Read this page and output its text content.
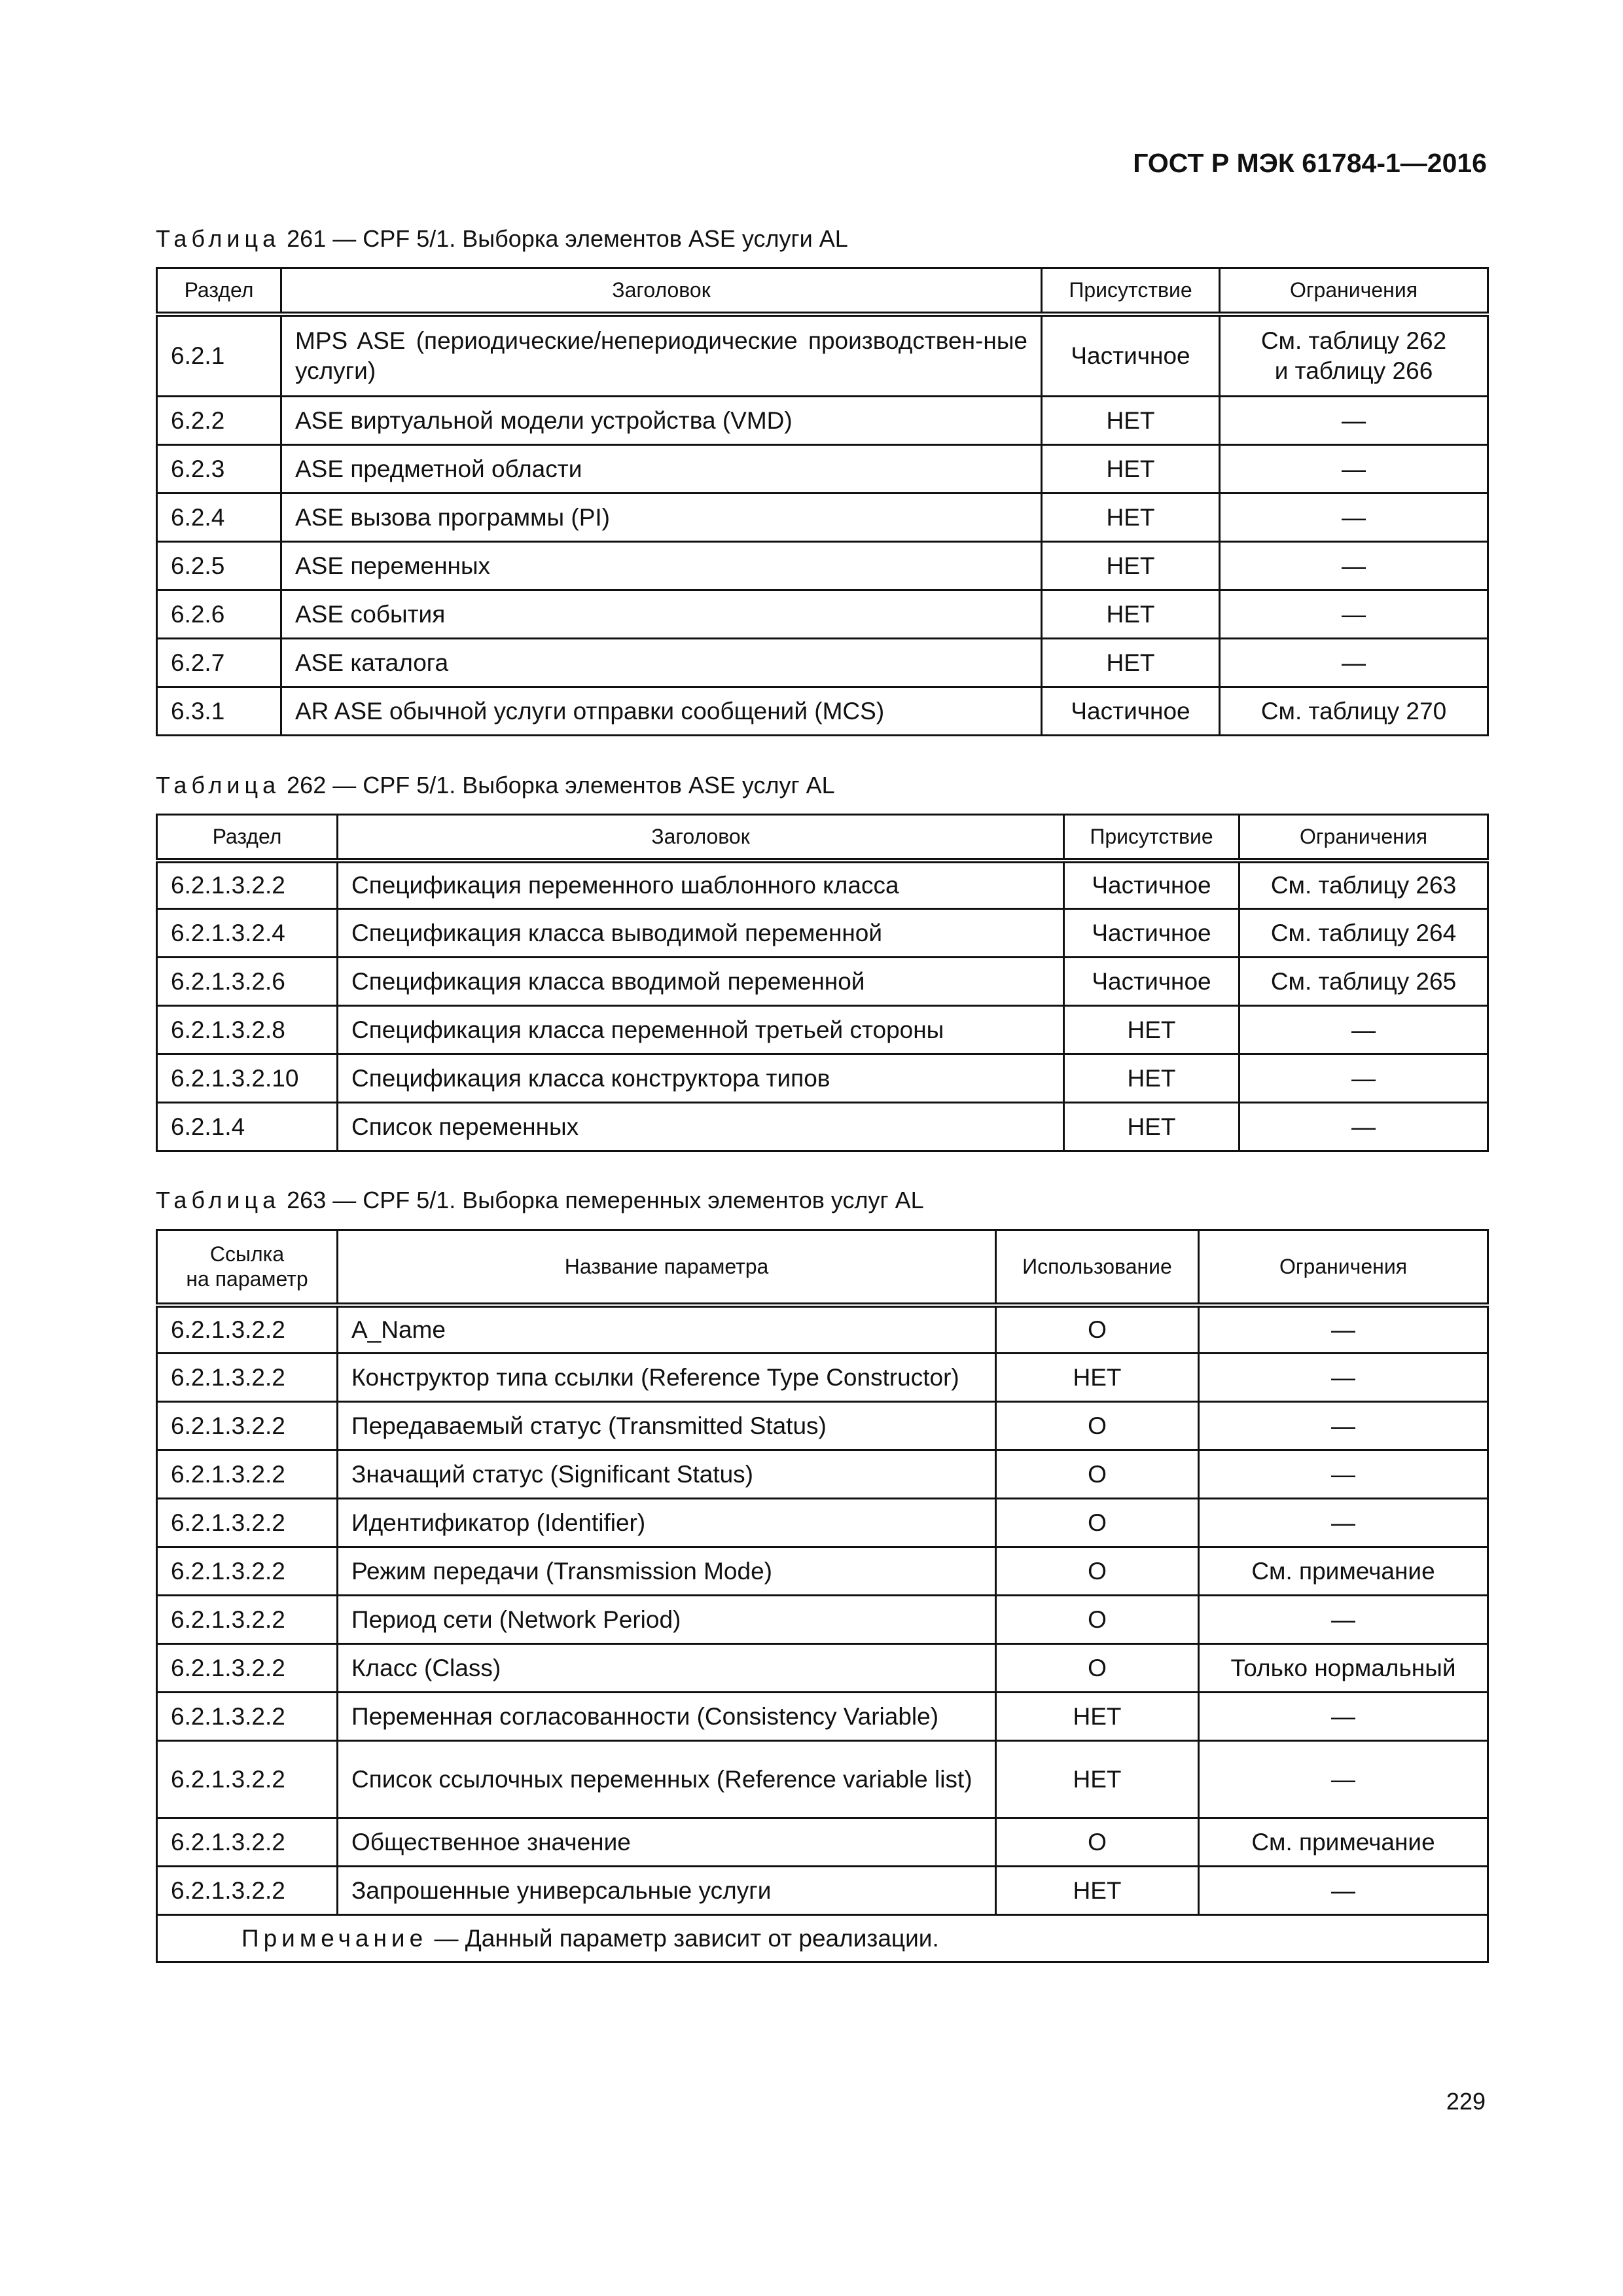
ГОСТ Р МЭК 61784-1—2016
Таблица 261 — CPF 5/1. Выборка элементов ASE услуги AL
Раздел	Заголовок	Присутствие	Ограничения
6.2.1	MPS ASE (периодические/непериодические производствен-ные услуги)	Частичное	См. таблицу 262
и таблицу 266
6.2.2	ASE виртуальной модели устройства (VMD)	НЕТ	—
6.2.3	ASE предметной области	НЕТ	—
6.2.4	ASE вызова программы (PI)	НЕТ	—
6.2.5	ASE переменных	НЕТ	—
6.2.6	ASE события	НЕТ	—
6.2.7	ASE каталога	НЕТ	—
6.3.1	AR ASE обычной услуги отправки сообщений (MCS)	Частичное	См. таблицу 270
Таблица 262 — CPF 5/1. Выборка элементов ASE услуг AL
Раздел	Заголовок	Присутствие	Ограничения
6.2.1.3.2.2	Спецификация переменного шаблонного класса	Частичное	См. таблицу 263
6.2.1.3.2.4	Спецификация класса выводимой переменной	Частичное	См. таблицу 264
6.2.1.3.2.6	Спецификация класса вводимой переменной	Частичное	См. таблицу 265
6.2.1.3.2.8	Спецификация класса переменной третьей стороны	НЕТ	—
6.2.1.3.2.10	Спецификация класса конструктора типов	НЕТ	—
6.2.1.4	Список переменных	НЕТ	—
Таблица 263 — CPF 5/1. Выборка пемеренных элементов услуг AL
Ссылка
на параметр	Название параметра	Использование	Ограничения
6.2.1.3.2.2	A_Name	O	—
6.2.1.3.2.2	Конструктор типа ссылки (Reference Type Constructor)	НЕТ	—
6.2.1.3.2.2	Передаваемый статус (Transmitted Status)	O	—
6.2.1.3.2.2	Значащий статус (Significant Status)	O	—
6.2.1.3.2.2	Идентификатор (Identifier)	O	—
6.2.1.3.2.2	Режим передачи (Transmission Mode)	O	См. примечание
6.2.1.3.2.2	Период сети (Network Period)	O	—
6.2.1.3.2.2	Класс (Class)	O	Только нормальный
6.2.1.3.2.2	Переменная согласованности (Consistency Variable)	НЕТ	—
6.2.1.3.2.2	Список ссылочных переменных (Reference variable list)	НЕТ	—
6.2.1.3.2.2	Общественное значение	O	См. примечание
6.2.1.3.2.2	Запрошенные универсальные услуги	НЕТ	—
Примечание — Данный параметр зависит от реализации.			
229
